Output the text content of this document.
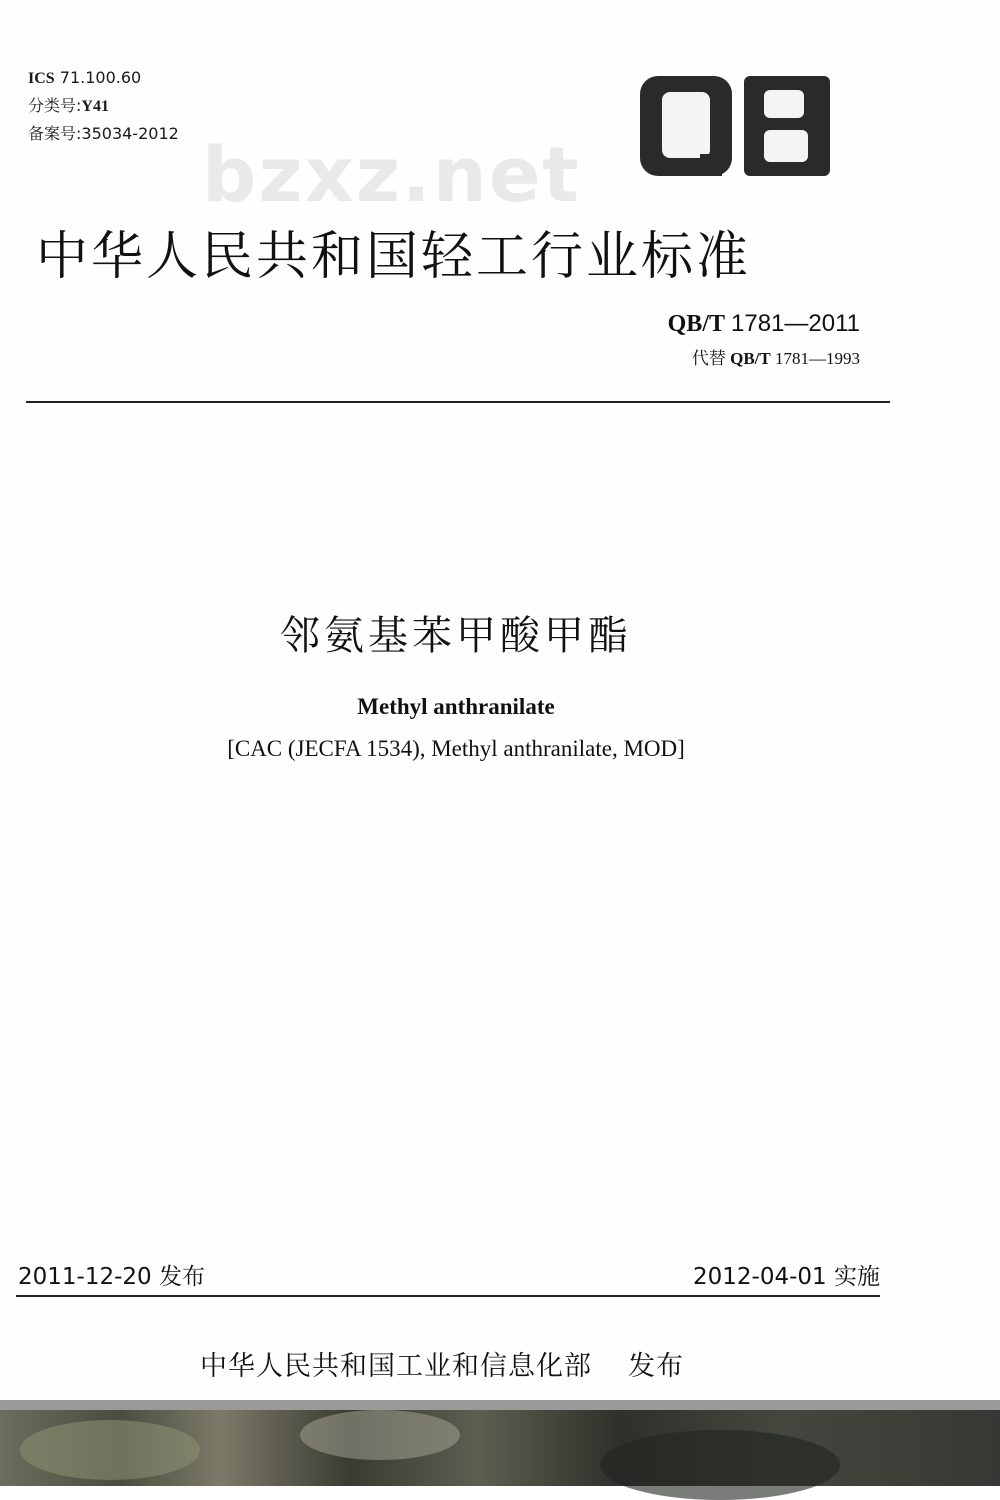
ICS 71.100.60
分类号:Y41
备案号:35034-2012 bzxz.net
中华人民共和国轻工行业标准
QB/T 1781—2011
代替 QB/T 1781—1993
邻氨基苯甲酸甲酯
Methyl anthranilate
[CAC (JECFA 1534), Methyl anthranilate, MOD]
2011-12-20 发布	2012-04-01 实施
中华人民共和国工业和信息化部 发布
